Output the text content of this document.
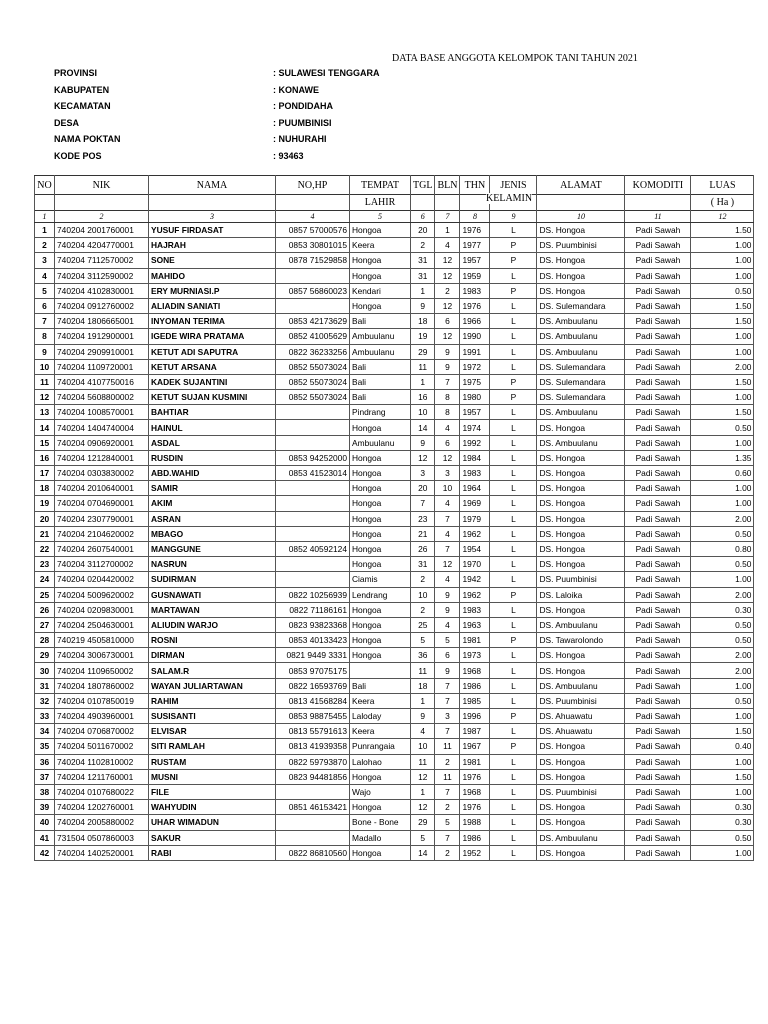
DATA BASE ANGGOTA KELOMPOK TANI TAHUN 2021
PROVINSI	: SULAWESI TENGGARA
KABUPATEN	: KONAWE
KECAMATAN	: PONDIDAHA
DESA	: PUUMBINISI
NAMA POKTAN	: NUHURAHI
KODE POS	: 93463
NO	NIK	NAMA	NO,HP	TEMPAT	TGL	BLN	THN	JENIS	ALAMAT	KOMODITI	LUAS
				LAHIR							( Ha )
1	2	3	4	5	6	7	8	9	10	11	12
1	740204 2001760001	YUSUF FIRDASAT	0857 57000576	Hongoa	20	1	1976	L	DS. Hongoa	Padi Sawah	1.50
2	740204 4204770001	HAJRAH	0853 30801015	Keera	2	4	1977	P	DS. Puumbinisi	Padi Sawah	1.00
3	740204 7112570002	SONE	0878 71529858	Hongoa	31	12	1957	P	DS. Hongoa	Padi Sawah	1.00
4	740204 3112590002	MAHIDO		Hongoa	31	12	1959	L	DS. Hongoa	Padi Sawah	1.00
5	740204 4102830001	ERY MURNIASI.P	0857 56860023	Kendari	1	2	1983	P	DS. Hongoa	Padi Sawah	0.50
6	740204 0912760002	ALIADIN SANIATI		Hongoa	9	12	1976	L	DS. Sulemandara	Padi Sawah	1.50
7	740204 1806665001	INYOMAN TERIMA	0853 42173629	Bali	18	6	1966	L	DS. Ambuulanu	Padi Sawah	1.50
8	740204 1912900001	IGEDE WIRA PRATAMA	0852 41005629	Ambuulanu	19	12	1990	L	DS. Ambuulanu	Padi Sawah	1.00
9	740204 2909910001	KETUT ADI SAPUTRA	0822 36233256	Ambuulanu	29	9	1991	L	DS. Ambuulanu	Padi Sawah	1.00
10	740204 1109720001	KETUT ARSANA	0852 55073024	Bali	11	9	1972	L	DS. Sulemandara	Padi Sawah	2.00
11	740204 4107750016	KADEK SUJANTINI	0852 55073024	Bali	1	7	1975	P	DS. Sulemandara	Padi Sawah	1.50
12	740204 5608800002	KETUT SUJAN KUSMINI	0852 55073024	Bali	16	8	1980	P	DS. Sulemandara	Padi Sawah	1.00
13	740204 1008570001	BAHTIAR		Pindrang	10	8	1957	L	DS. Ambuulanu	Padi Sawah	1.50
14	740204 1404740004	HAINUL		Hongoa	14	4	1974	L	DS. Hongoa	Padi Sawah	0.50
15	740204 0906920001	ASDAL		Ambuulanu	9	6	1992	L	DS. Ambuulanu	Padi Sawah	1.00
16	740204 1212840001	RUSDIN	0853 94252000	Hongoa	12	12	1984	L	DS. Hongoa	Padi Sawah	1.35
17	740204 0303830002	ABD.WAHID	0853 41523014	Hongoa	3	3	1983	L	DS. Hongoa	Padi Sawah	0.60
18	740204 2010640001	SAMIR		Hongoa	20	10	1964	L	DS. Hongoa	Padi Sawah	1.00
19	740204 0704690001	AKIM		Hongoa	7	4	1969	L	DS. Hongoa	Padi Sawah	1.00
20	740204 2307790001	ASRAN		Hongoa	23	7	1979	L	DS. Hongoa	Padi Sawah	2.00
21	740204 2104620002	MBAGO		Hongoa	21	4	1962	L	DS. Hongoa	Padi Sawah	0.50
22	740204 2607540001	MANGGUNE	0852 40592124	Hongoa	26	7	1954	L	DS. Hongoa	Padi Sawah	0.80
23	740204 3112700002	NASRUN		Hongoa	31	12	1970	L	DS. Hongoa	Padi Sawah	0.50
24	740204 0204420002	SUDIRMAN		Ciamis	2	4	1942	L	DS. Puumbinisi	Padi Sawah	1.00
25	740204 5009620002	GUSNAWATI	0822 10256939	Lendrang	10	9	1962	P	DS. Laloika	Padi Sawah	2.00
26	740204 0209830001	MARTAWAN	0822 71186161	Hongoa	2	9	1983	L	DS. Hongoa	Padi Sawah	0.30
27	740204 2504630001	ALIUDIN WARJO	0823 93823368	Hongoa	25	4	1963	L	DS. Ambuulanu	Padi Sawah	0.50
28	740219 4505810000	ROSNI	0853 40133423	Hongoa	5	5	1981	P	DS. Tawarolondo	Padi Sawah	0.50
29	740204 3006730001	DIRMAN	0821 9449 3331	Hongoa	36	6	1973	L	DS. Hongoa	Padi Sawah	2.00
30	740204 1109650002	SALAM.R	0853 97075175		11	9	1968	L	DS. Hongoa	Padi Sawah	2.00
31	740204 1807860002	WAYAN JULIARTAWAN	0822 16593769	Bali	18	7	1986	L	DS. Ambuulanu	Padi Sawah	1.00
32	740204 0107850019	RAHIM	0813 41568284	Keera	1	7	1985	L	DS. Puumbinisi	Padi Sawah	0.50
33	740204 4903960001	SUSISANTI	0853 98875455	Laloday	9	3	1996	P	DS. Ahuawatu	Padi Sawah	1.00
34	740204 0706870002	ELVISAR	0813 55791613	Keera	4	7	1987	L	DS. Ahuawatu	Padi Sawah	1.50
35	740204 5011670002	SITI RAMLAH	0813 41939358	Punrangaia	10	11	1967	P	DS. Hongoa	Padi Sawah	0.40
36	740204 1102810002	RUSTAM	0822 59793870	Lalohao	11	2	1981	L	DS. Hongoa	Padi Sawah	1.00
37	740204 1211760001	MUSNI	0823 94481856	Hongoa	12	11	1976	L	DS. Hongoa	Padi Sawah	1.50
38	740204 0107680022	FILE		Wajo	1	7	1968	L	DS. Puumbinisi	Padi Sawah	1.00
39	740204 1202760001	WAHYUDIN	0851 46153421	Hongoa	12	2	1976	L	DS. Hongoa	Padi Sawah	0.30
40	740204 2005880002	UHAR WIMADUN		Bone - Bone	29	5	1988	L	DS. Hongoa	Padi Sawah	0.30
41	731504 0507860003	SAKUR		Madallo	5	7	1986	L	DS. Ambuulanu	Padi Sawah	0.50
42	740204 1402520001	RABI	0822 86810560	Hongoa	14	2	1952	L	DS. Hongoa	Padi Sawah	1.00
KELAMIN
